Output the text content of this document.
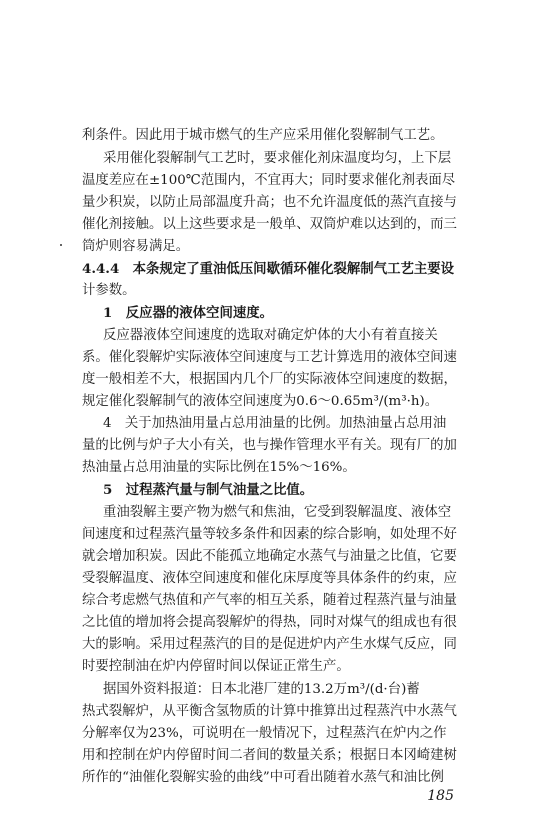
利条件。因此用于城市燃气的生产应采用催化裂解制气工艺。
采用催化裂解制气工艺时，要求催化剂床温度均匀，上下层
温度差应在±100℃范围内，不宜再大；同时要求催化剂表面尽
量少积炭，以防止局部温度升高；也不允许温度低的蒸汽直接与
催化剂接触。以上这些要求是一般单、双筒炉难以达到的，而三
筒炉则容易满足。
4.4.4　本条规定了重油低压间歇循环催化裂解制气工艺主要设
计参数。
1　反应器的液体空间速度。
反应器液体空间速度的选取对确定炉体的大小有着直接关
系。催化裂解炉实际液体空间速度与工艺计算选用的液体空间速
度一般相差不大，根据国内几个厂的实际液体空间速度的数据，
规定催化裂解制气的液体空间速度为0.6～0.65m³/(m³·h)。
4　关于加热油用量占总用油量的比例。加热油量占总用油
量的比例与炉子大小有关，也与操作管理水平有关。现有厂的加
热油量占总用油量的实际比例在15%～16%。
5　过程蒸汽量与制气油量之比值。
重油裂解主要产物为燃气和焦油，它受到裂解温度、液体空
间速度和过程蒸汽量等较多条件和因素的综合影响，如处理不好
就会增加积炭。因此不能孤立地确定水蒸气与油量之比值，它要
受裂解温度、液体空间速度和催化床厚度等具体条件的约束，应
综合考虑燃气热值和产气率的相互关系，随着过程蒸汽量与油量
之比值的增加将会提高裂解炉的得热，同时对煤气的组成也有很
大的影响。采用过程蒸汽的目的是促进炉内产生水煤气反应，同
时要控制油在炉内停留时间以保证正常生产。
据国外资料报道：日本北港厂建的13.2万m³/(d·台)蓄
热式裂解炉，从平衡含氢物质的计算中推算出过程蒸汽中水蒸气
分解率仅为23%，可说明在一般情况下，过程蒸汽在炉内之作
用和控制在炉内停留时间二者间的数量关系；根据日本冈崎建树
所作的“油催化裂解实验的曲线”中可看出随着水蒸气和油比例
185
